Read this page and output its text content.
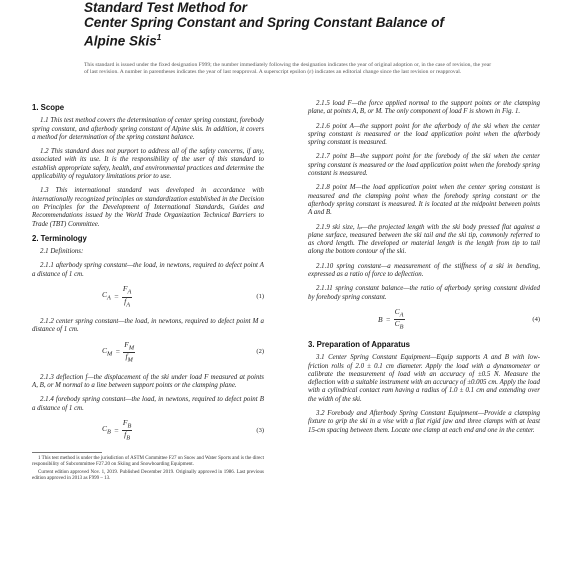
Standard Test Method for
Center Spring Constant and Spring Constant Balance of
Alpine Skis$^1$
This standard is issued under the fixed designation F999; the number immediately following the designation indicates the year of original adoption or, in the case of revision, the year of last revision. A number in parentheses indicates the year of last reapproval. A superscript epsilon (ε) indicates an editorial change since the last revision or reapproval.
1. Scope

1.1 This test method covers the determination of center spring constant, forebody spring constant, and afterbody spring constant of Alpine skis. In addition, it covers a method for determination of the spring constant balance.

1.2 This standard does not purport to address all of the safety concerns, if any, associated with its use. It is the responsibility of the user of this standard to establish appropriate safety, health, and environmental practices and determine the applicability of regulatory limitations prior to use.

1.3 This international standard was developed in accordance with internationally recognized principles on standardization established in the Decision on Principles for the Development of International Standards, Guides and Recommendations issued by the World Trade Organization Technical Barriers to Trade (TBT) Committee.

2. Terminology

2.1 Definitions:

2.1.1 afterbody spring constant—the load, in newtons, required to defect point A a distance of 1 cm.

$C_A = \frac{F_A}{f_A}$	(1)

2.1.2 center spring constant—the load, in newtons, required to defect point M a distance of 1 cm.

$C_M = \frac{F_M}{f_M}$	(2)

2.1.3 deflection f—the displacement of the ski under load F measured at points A, B, or M normal to a line between support points or the clamping plane.

2.1.4 forebody spring constant—the load, in newtons, required to defect point B a distance of 1 cm.

$C_B = \frac{F_B}{f_B}$	(3)

1 This test method is under the jurisdiction of ASTM Committee F27 on Snow and Water Sports and is the direct responsibility of Subcommittee F27.20 on Skiing and Snowboarding Equipment.

Current edition approved Nov. 1, 2019. Published December 2019. Originally approved in 1986. Last previous edition approved in 2013 as F999 – 13.

2.1.5 load F—the force applied normal to the support points or the clamping plane, at points A, B, or M. The only component of load F is shown in Fig. 1.

2.1.6 point A—the support point for the afterbody of the ski when the center spring constant is measured or the load application point when the afterbody spring constant is measured.

2.1.7 point B—the support point for the forebody of the ski when the center spring constant is measured or the load application point when the forebody spring constant is measured.

2.1.8 point M—the load application point when the center spring constant is measured and the clamping point when the forebody spring constant or the afterbody spring constant is measured. It is located at the midpoint between points A and B.

2.1.9 ski size, lₚ—the projected length with the ski body pressed flat against a plane surface, measured between the ski tail and the ski tip, commonly referred to as chord length. The developed or material length is the length from tip to tail along the bottom contour of the ski.

2.1.10 spring constant—a measurement of the stiffness of a ski in bending, expressed as a ratio of force to deflection.

2.1.11 spring constant balance—the ratio of afterbody spring constant divided by forebody spring constant.

$B = \frac{C_A}{C_B}$	(4)
3. Preparation of Apparatus

3.1 Center Spring Constant Equipment—Equip supports A and B with low-friction rolls of 2.0 ± 0.1 cm diameter. Apply the load with a dynamometer or calibrate the measurement of load with an accuracy of ±0.5 N. Measure the deflection with a suitable instrument with an accuracy of ±0.005 cm. Apply the load with a cylindrical contact ram having a radius of 1.0 ± 0.1 cm and extending over the width of the ski.

3.2 Forebody and Afterbody Spring Constant Equipment—Provide a clamping fixture to grip the ski in a vise with a flat rigid jaw and three clamps with at least 15-cm spacing between them. Locate one clamp at each end and one in the center.
